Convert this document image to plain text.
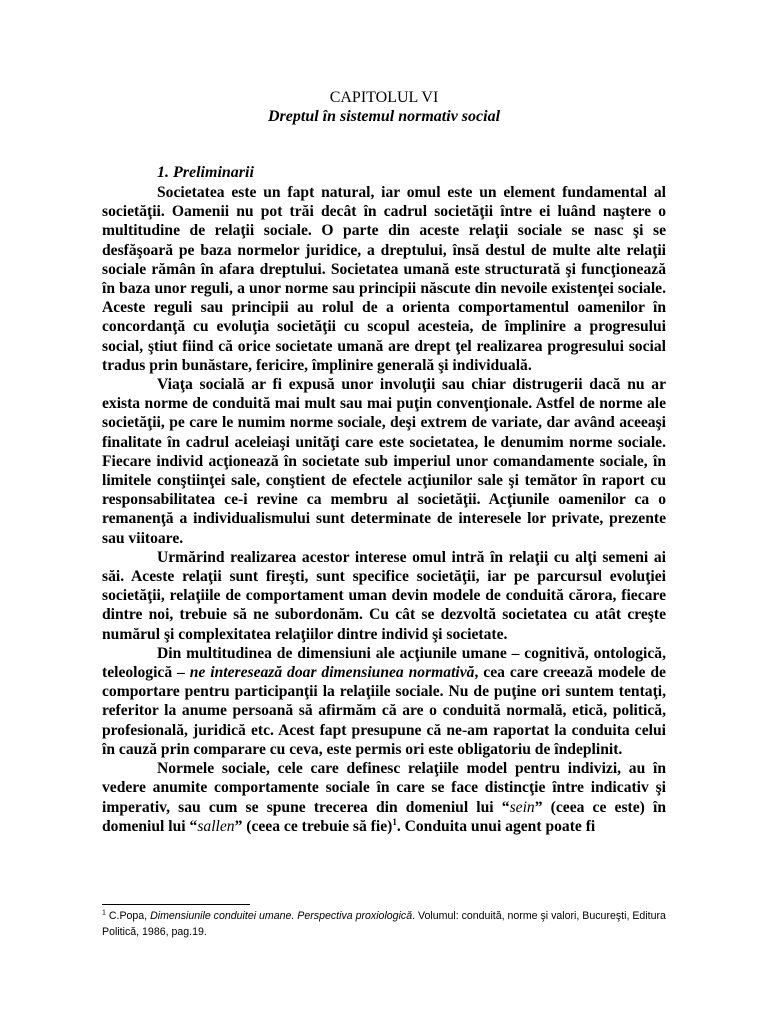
CAPITOLUL VI
Dreptul în sistemul normativ social
1. Preliminarii

Societatea este un fapt natural, iar omul este un element fundamental al societăţii. Oamenii nu pot trăi decât în cadrul societăţii între ei luând naştere o multitudine de relaţii sociale. O parte din aceste relaţii sociale se nasc şi se desfăşoară pe baza normelor juridice, a dreptului, însă destul de multe alte relaţii sociale rămân în afara dreptului. Societatea umană este structurată şi funcţionează în baza unor reguli, a unor norme sau principii născute din nevoile existenţei sociale. Aceste reguli sau principii au rolul de a orienta comportamentul oamenilor în concordanţă cu evoluţia societăţii cu scopul acesteia, de împlinire a progresului social, ştiut fiind că orice societate umană are drept ţel realizarea progresului social tradus prin bunăstare, fericire, împlinire generală şi individuală.

Viaţa socială ar fi expusă unor involuţii sau chiar distrugerii dacă nu ar exista norme de conduită mai mult sau mai puţin convenţionale. Astfel de norme ale societăţii, pe care le numim norme sociale, deşi extrem de variate, dar având aceeaşi finalitate în cadrul aceleiaşi unităţi care este societatea, le denumim norme sociale. Fiecare individ acţionează în societate sub imperiul unor comandamente sociale, în limitele conştiinţei sale, conştient de efectele acţiunilor sale şi temător în raport cu responsabilitatea ce-i revine ca membru al societăţii. Acţiunile oamenilor ca o remanenţă a individualismului sunt determinate de interesele lor private, prezente sau viitoare.

Urmărind realizarea acestor interese omul intră în relaţii cu alţi semeni ai săi. Aceste relaţii sunt fireşti, sunt specifice societăţii, iar pe parcursul evoluţiei societăţii, relaţiile de comportament uman devin modele de conduită cărora, fiecare dintre noi, trebuie să ne subordonăm. Cu cât se dezvoltă societatea cu atât creşte numărul şi complexitatea relaţiilor dintre individ şi societate.

Din multitudinea de dimensiuni ale acţiunile umane – cognitivă, ontologică, teleologică – ne interesează doar dimensiunea normativă, cea care creează modele de comportare pentru participanţii la relaţiile sociale. Nu de puţine ori suntem tentaţi, referitor la anume persoană să afirmăm că are o conduită normală, etică, politică, profesională, juridică etc. Acest fapt presupune că ne-am raportat la conduita celui în cauză prin comparare cu ceva, este permis ori este obligatoriu de îndeplinit.

Normele sociale, cele care definesc relaţiile model pentru indivizi, au în vedere anumite comportamente sociale în care se face distincţie între indicativ şi imperativ, sau cum se spune trecerea din domeniul lui “sein” (ceea ce este) în domeniul lui “sallen” (ceea ce trebuie să fie)$^1$. Conduita unui agent poate fi

$^1$ C.Popa, Dimensiunile conduitei umane. Perspectiva proxiologică. Volumul: conduită, norme şi valori, Bucureşti, Editura Politică, 1986, pag.19.
